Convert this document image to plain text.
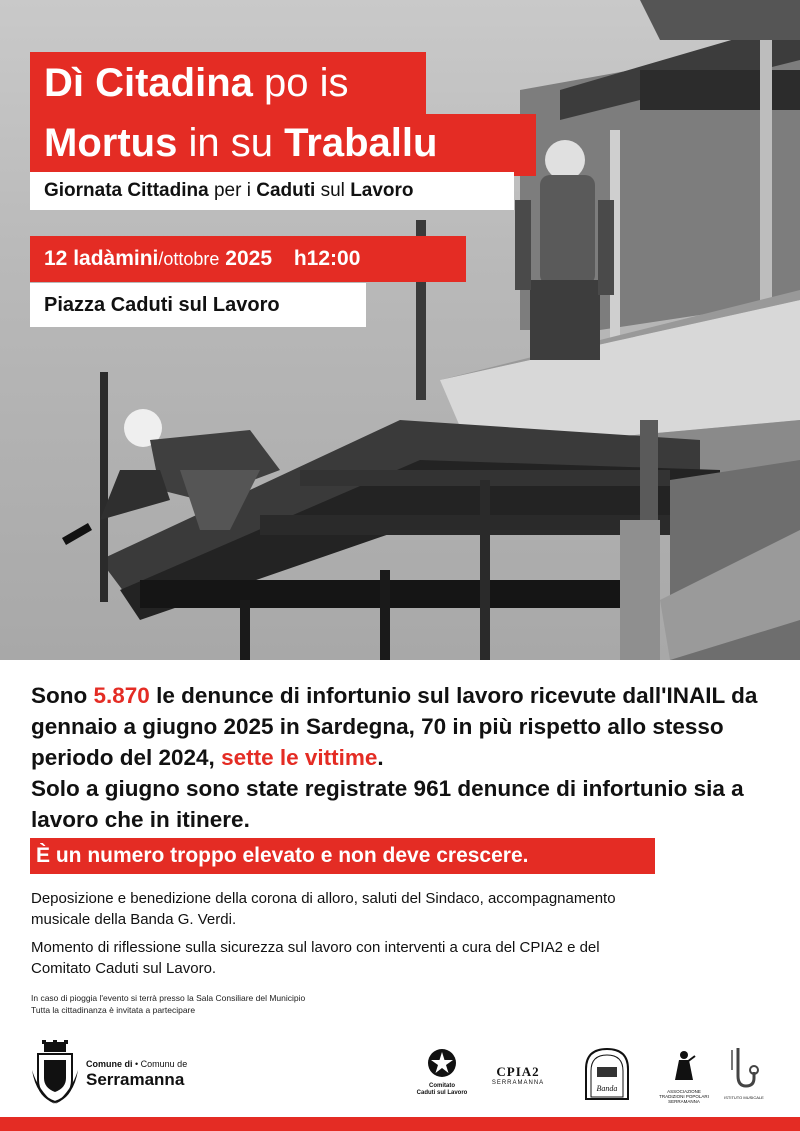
Dì Citadina po is
Mortus in su Traballu
Giornata Cittadina per i Caduti sul Lavoro
12 ladàmini/ottobre 2025 h12:00
Piazza Caduti sul Lavoro
Sono 5.870 le denunce di infortunio sul lavoro ricevute dall'INAIL da gennaio a giugno 2025 in Sardegna, 70 in più rispetto allo stesso periodo del 2024, sette le vittime.
Solo a giugno sono state registrate 961 denunce di infortunio sia a lavoro che in itinere.
È un numero troppo elevato e non deve crescere.
Deposizione e benedizione della corona di alloro, saluti del Sindaco, accompagnamento musicale della Banda G. Verdi.
Momento di riflessione sulla sicurezza sul lavoro con interventi a cura del CPIA2 e del Comitato Caduti sul Lavoro.
In caso di pioggia l'evento si terrà presso la Sala Consiliare del Municipio
Tutta la cittadinanza è invitata a partecipare
Comune di • Comunu de
Serramanna	Comitato
Caduti sul Lavoro
CPIA2
SERRAMANNA
Banda	ASSOCIAZIONE
TRADIZIONI POPOLARI
SERRAMANNA
ISTITUTO MUSICALE
